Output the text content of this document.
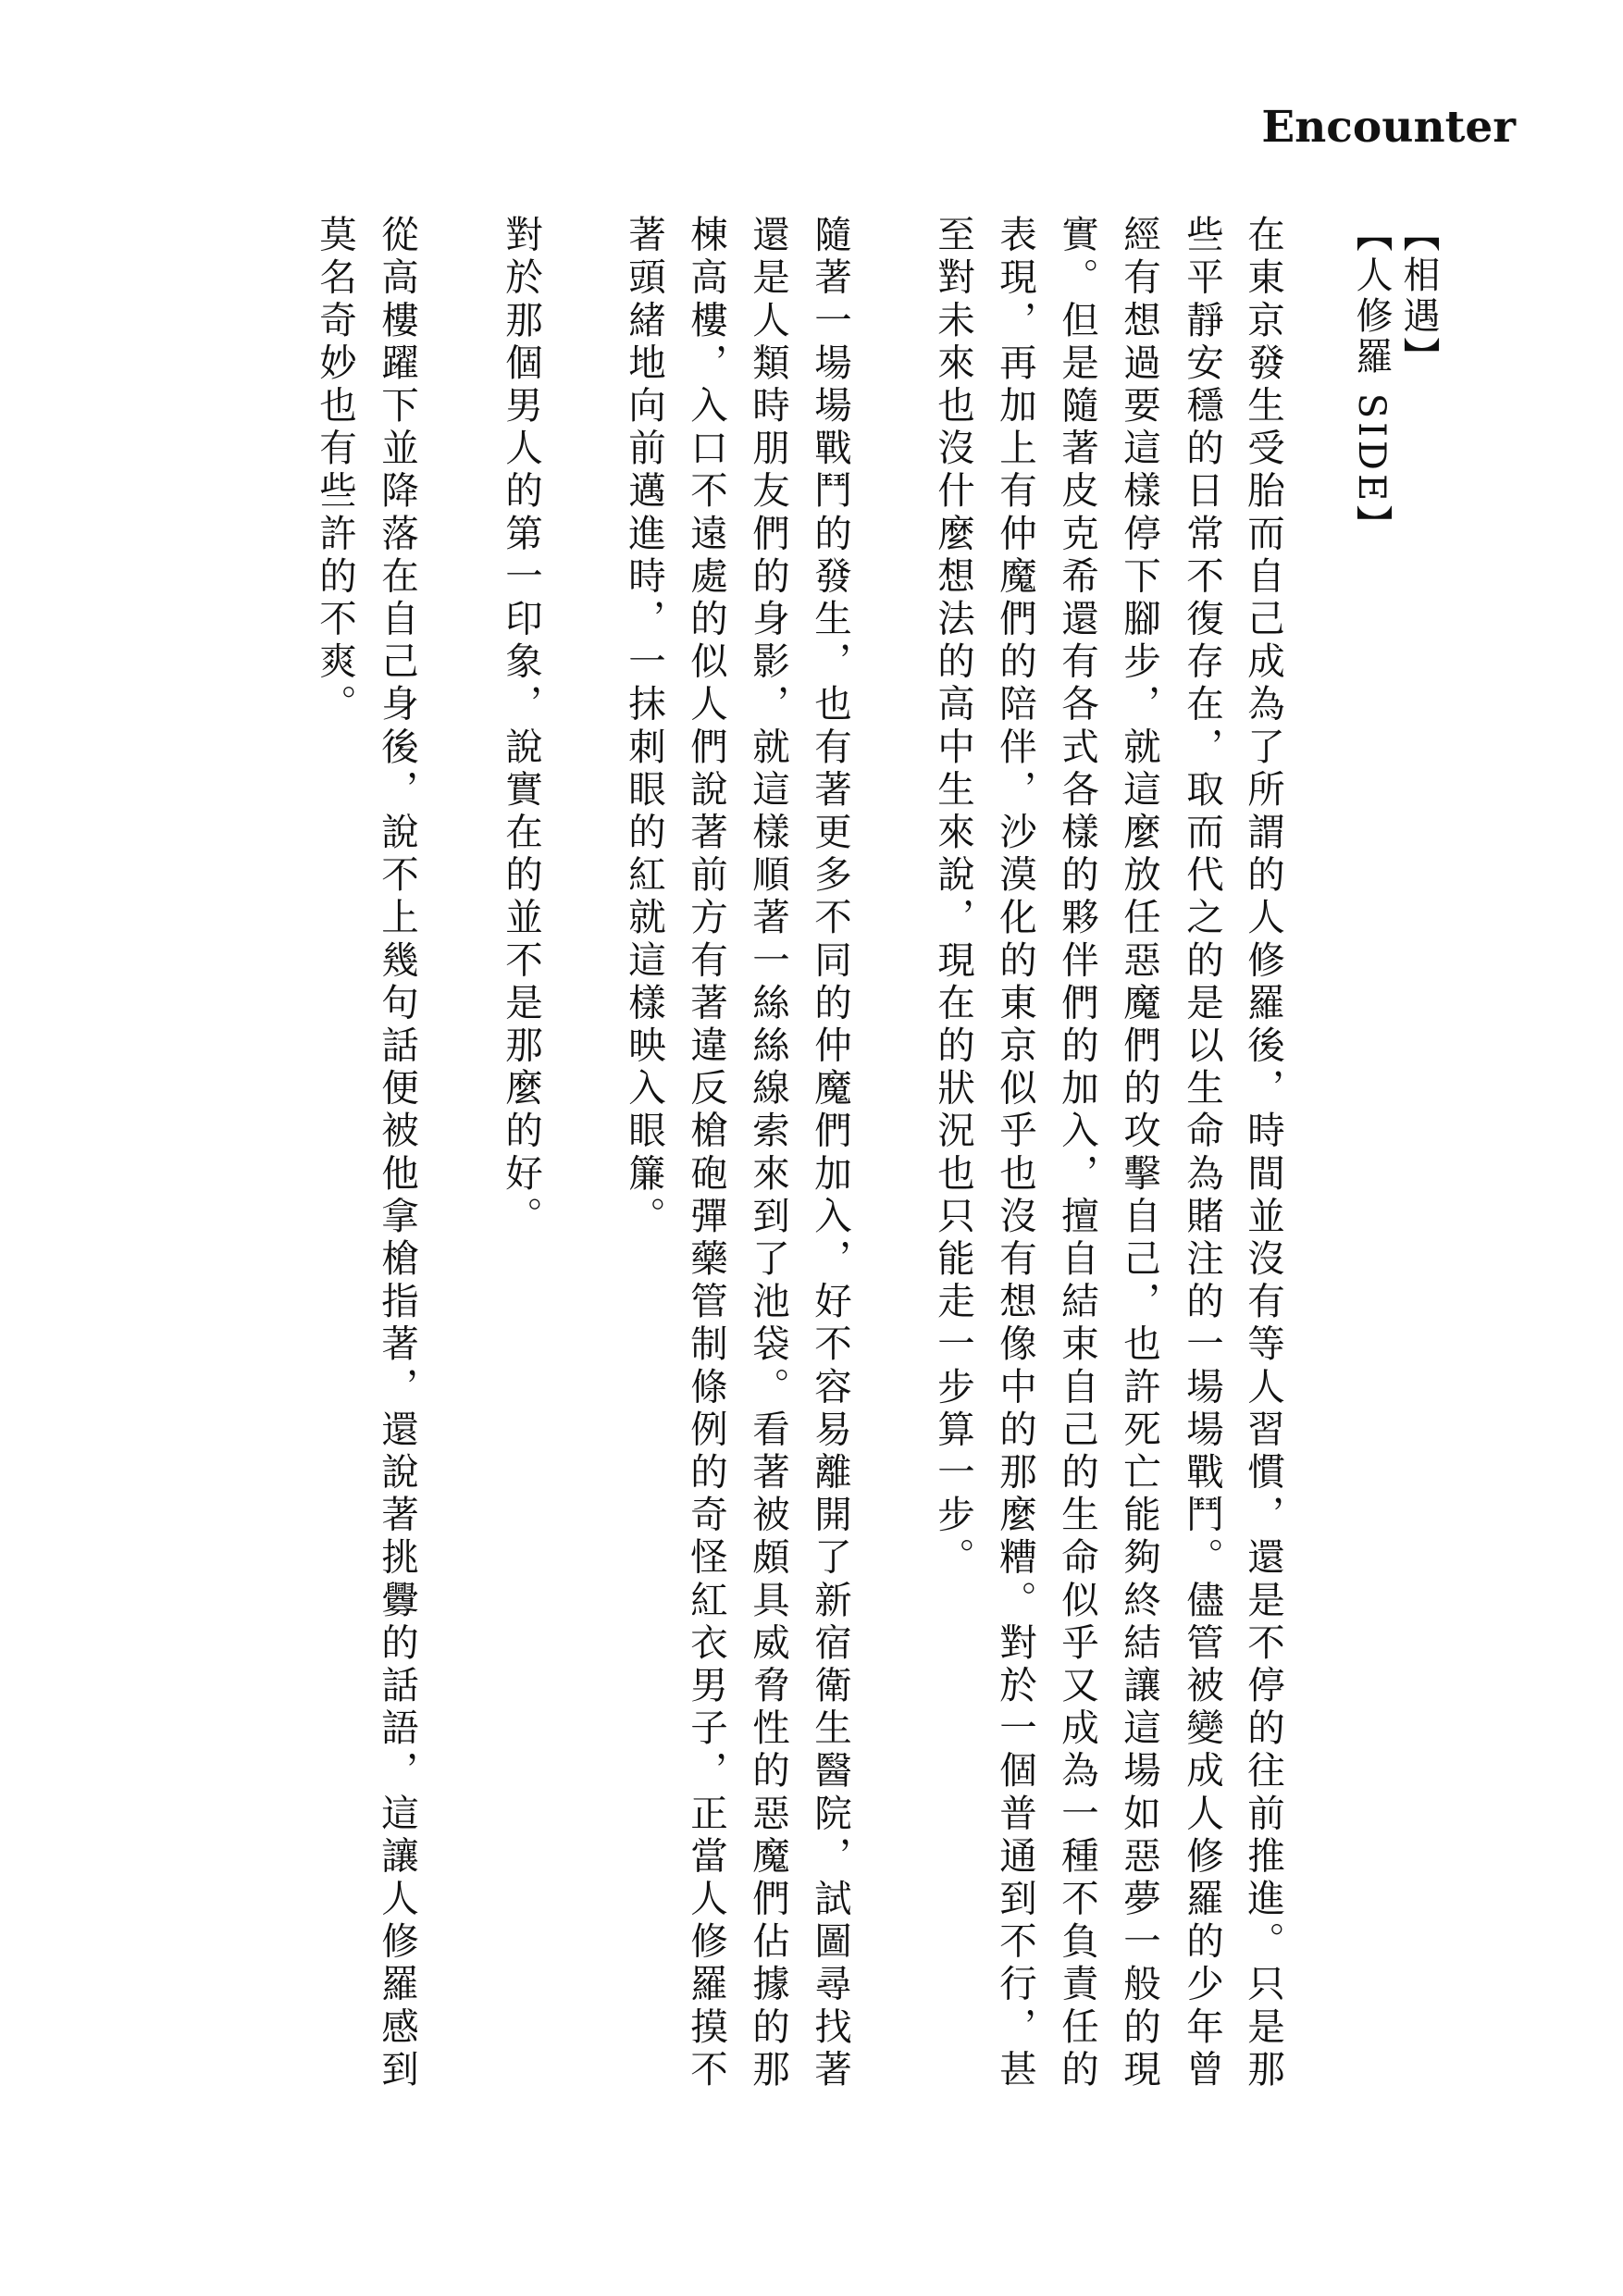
Encounter
【相遇】
【人修羅 SIDE】
在東京發生受胎而自己成為了所謂的人修羅後，時間並沒有等人習慣，還是不停的往前推進。只是那
些平靜安穩的日常不復存在，取而代之的是以生命為賭注的一場場戰鬥。儘管被變成人修羅的少年曾
經有想過要這樣停下腳步，就這麼放任惡魔們的攻擊自己，也許死亡能夠終結讓這場如惡夢一般的現
實。但是隨著皮克希還有各式各樣的夥伴們的加入，擅自結束自己的生命似乎又成為一種不負責任的
表現，再加上有仲魔們的陪伴，沙漠化的東京似乎也沒有想像中的那麼糟。對於一個普通到不行，甚
至對未來也沒什麼想法的高中生來說，現在的狀況也只能走一步算一步。
隨著一場場戰鬥的發生，也有著更多不同的仲魔們加入，好不容易離開了新宿衛生醫院，試圖尋找著
還是人類時朋友們的身影，就這樣順著一絲絲線索來到了池袋。看著被頗具威脅性的惡魔們佔據的那
棟高樓，入口不遠處的似人們說著前方有著違反槍砲彈藥管制條例的奇怪紅衣男子，正當人修羅摸不
著頭緒地向前邁進時，一抹刺眼的紅就這樣映入眼簾。
對於那個男人的第一印象，說實在的並不是那麼的好。
從高樓躍下並降落在自己身後，說不上幾句話便被他拿槍指著，還說著挑釁的話語，這讓人修羅感到
莫名奇妙也有些許的不爽。
